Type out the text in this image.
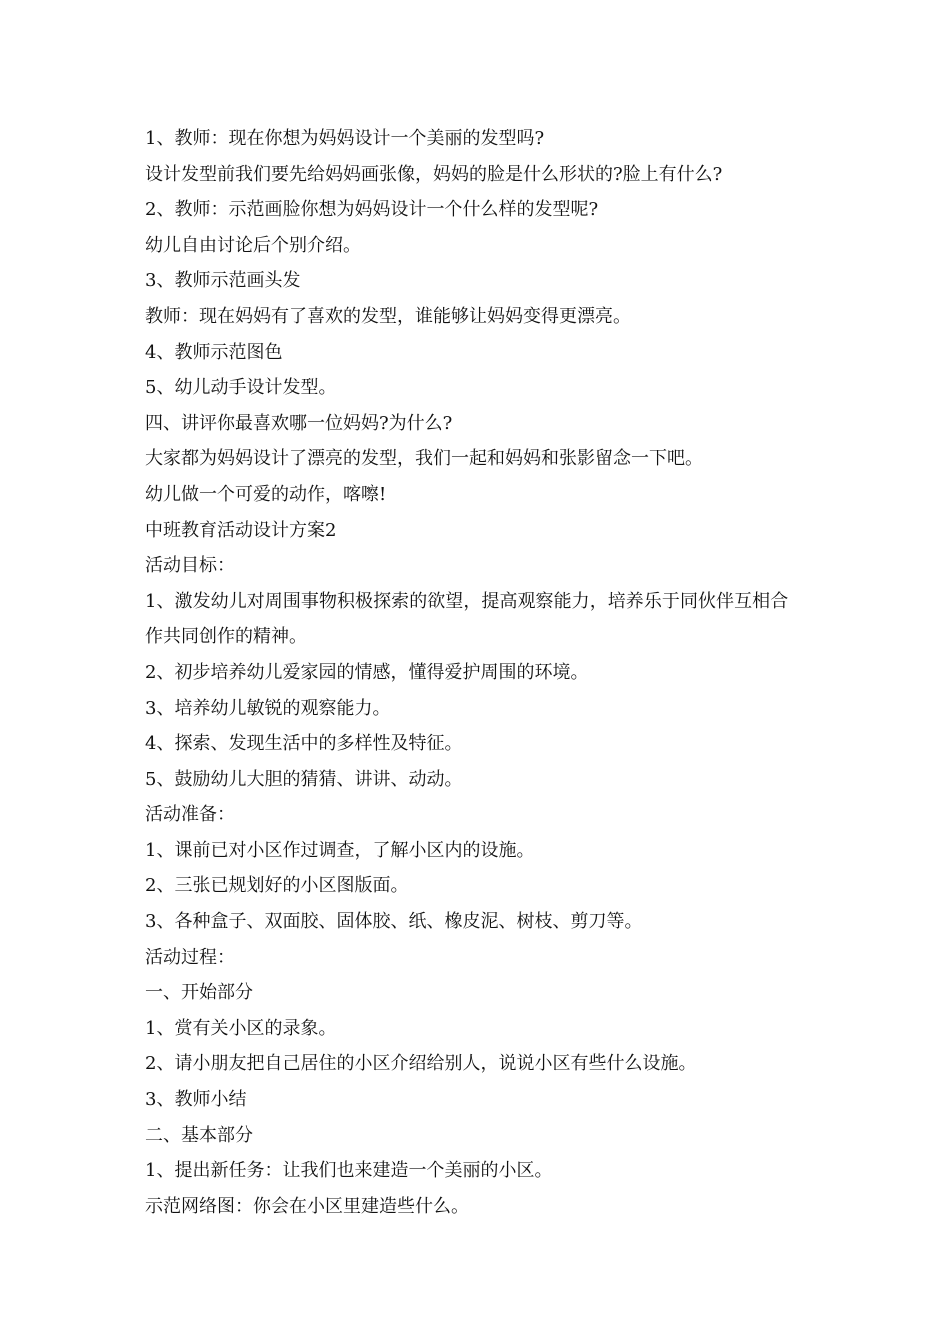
1、教师：现在你想为妈妈设计一个美丽的发型吗?
设计发型前我们要先给妈妈画张像，妈妈的脸是什么形状的?脸上有什么?
2、教师：示范画脸你想为妈妈设计一个什么样的发型呢?
幼儿自由讨论后个别介绍。
3、教师示范画头发
教师：现在妈妈有了喜欢的发型，谁能够让妈妈变得更漂亮。
4、教师示范图色
5、幼儿动手设计发型。
四、讲评你最喜欢哪一位妈妈?为什么?
大家都为妈妈设计了漂亮的发型，我们一起和妈妈和张影留念一下吧。
幼儿做一个可爱的动作，喀嚓!
中班教育活动设计方案2
活动目标：
1、激发幼儿对周围事物积极探索的欲望，提高观察能力，培养乐于同伙伴互相合
作共同创作的精神。
2、初步培养幼儿爱家园的情感，懂得爱护周围的环境。
3、培养幼儿敏锐的观察能力。
4、探索、发现生活中的多样性及特征。
5、鼓励幼儿大胆的猜猜、讲讲、动动。
活动准备：
1、课前已对小区作过调查，了解小区内的设施。
2、三张已规划好的小区图版面。
3、各种盒子、双面胶、固体胶、纸、橡皮泥、树枝、剪刀等。
活动过程：
一、开始部分
1、赏有关小区的录象。
2、请小朋友把自己居住的小区介绍给别人，说说小区有些什么设施。
3、教师小结
二、基本部分
1、提出新任务：让我们也来建造一个美丽的小区。
示范网络图：你会在小区里建造些什么。
